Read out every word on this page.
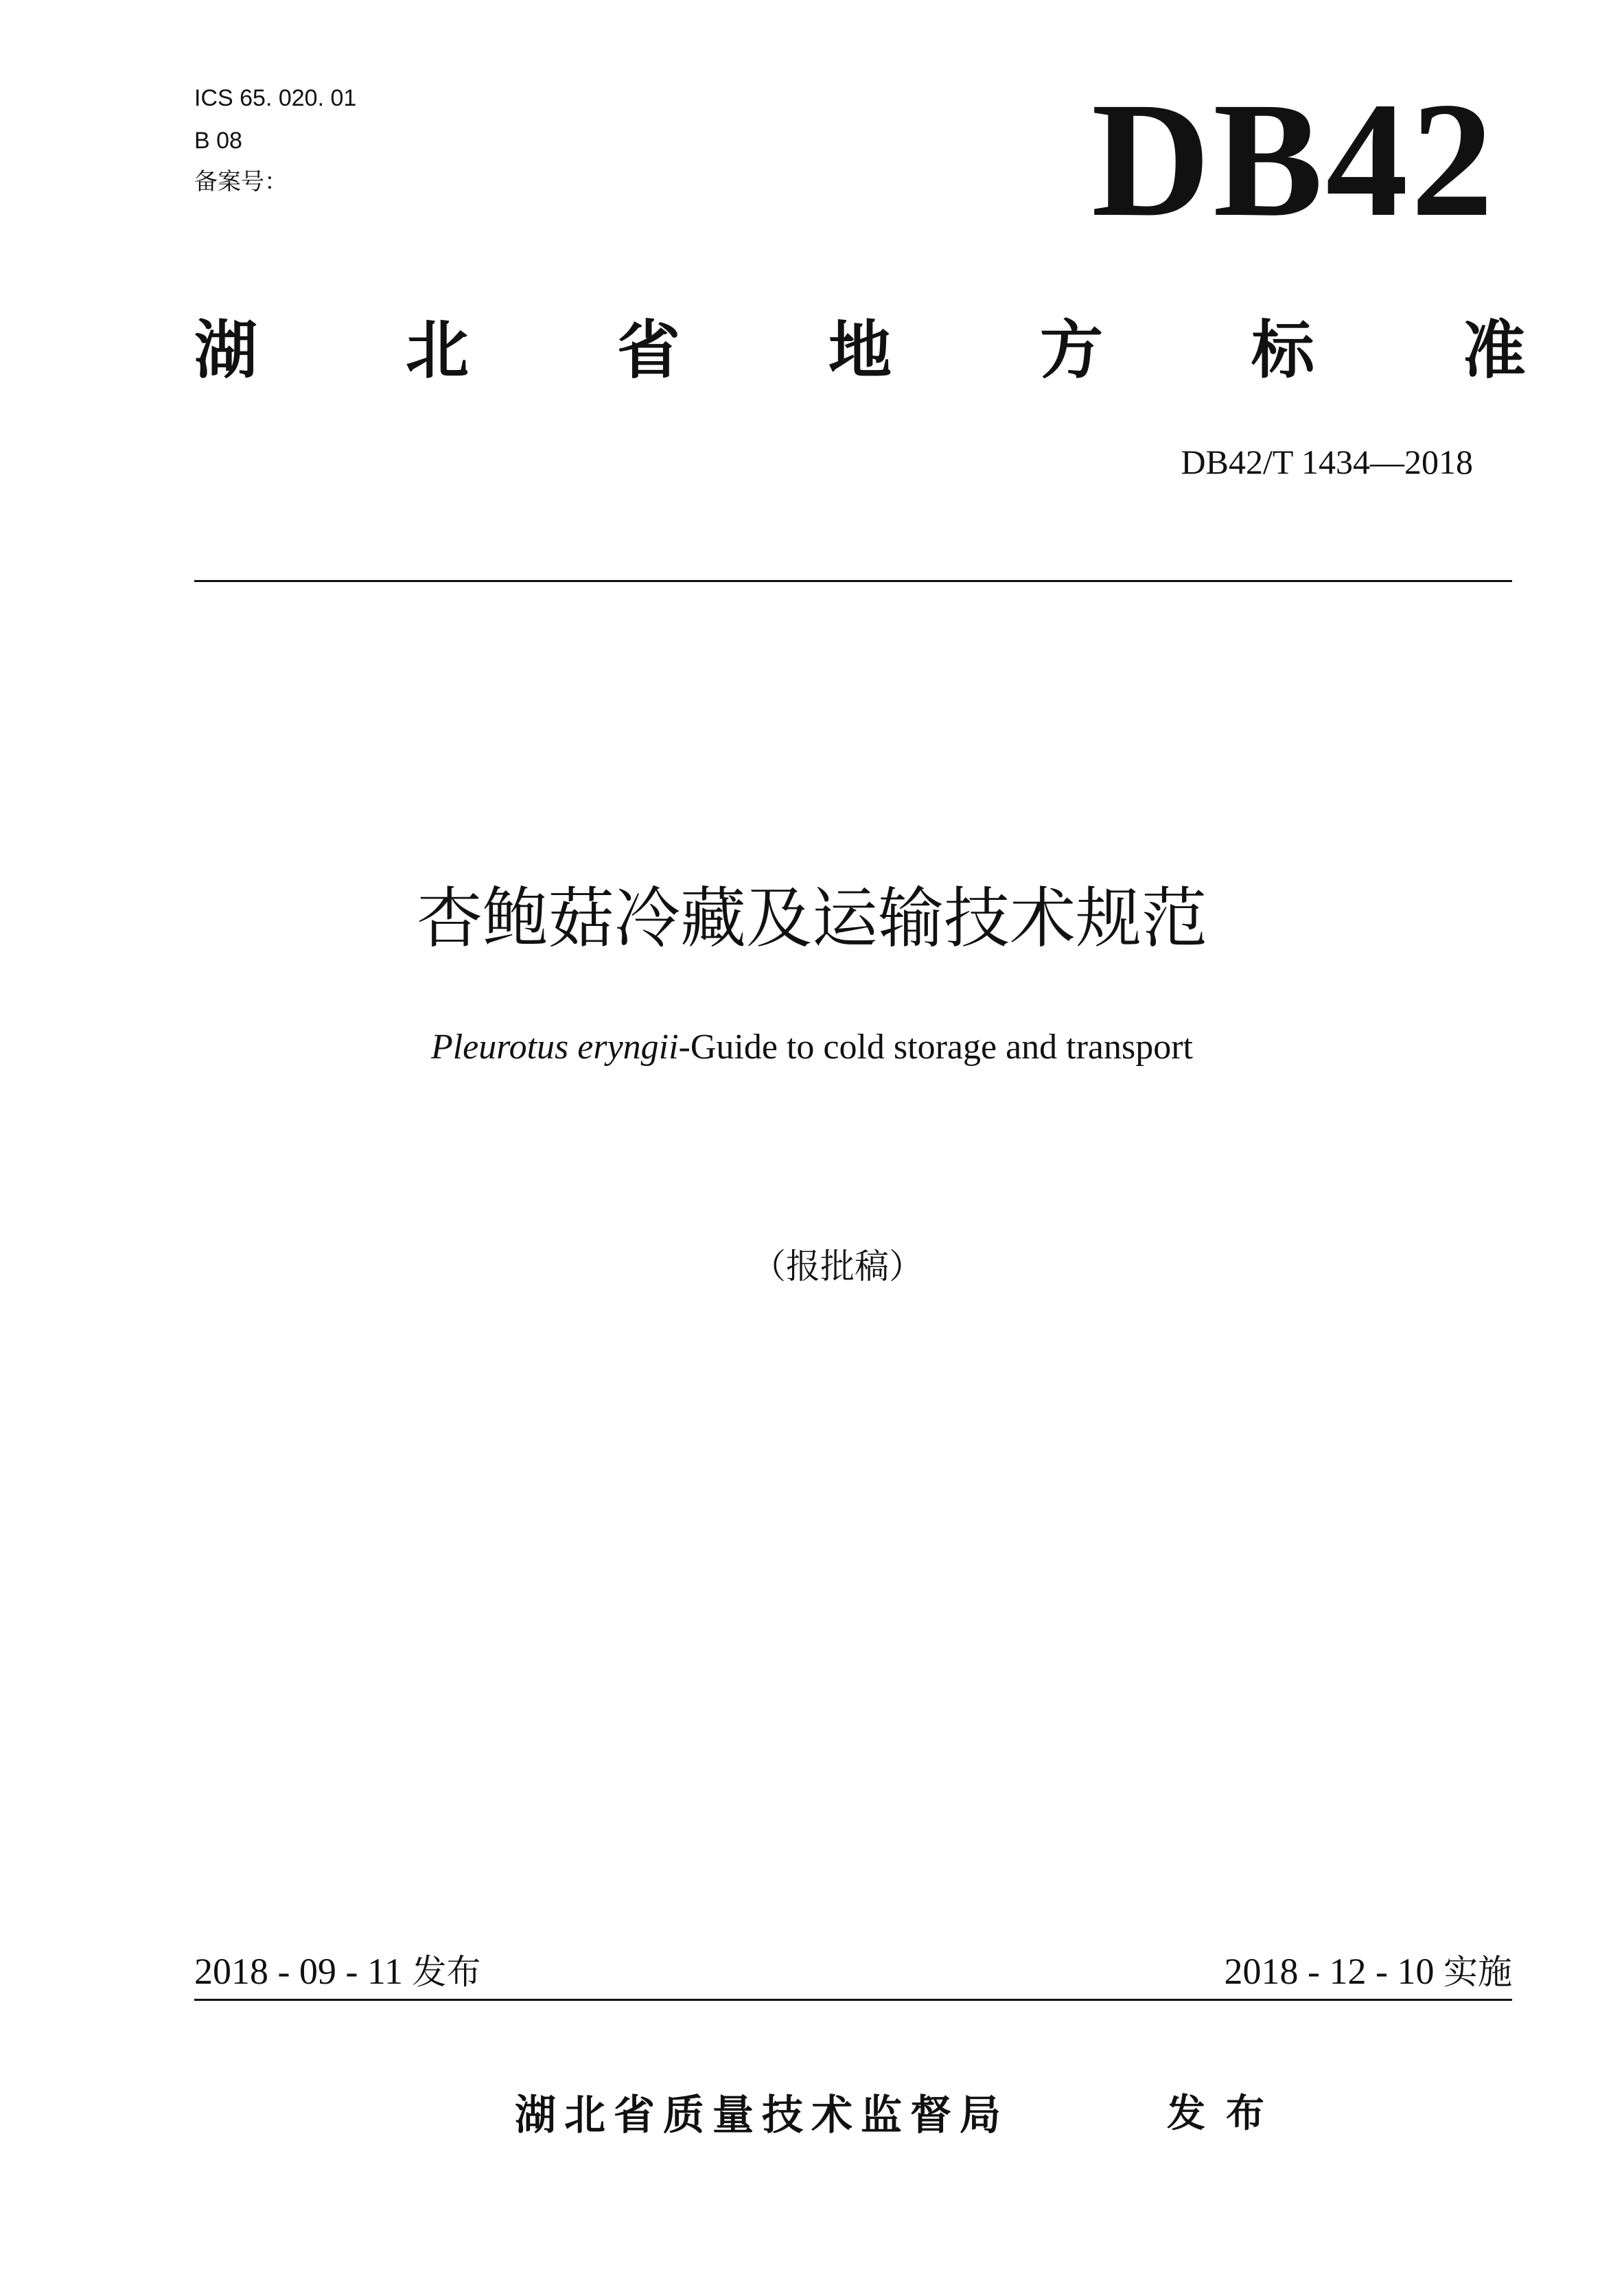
ICS 65. 020. 01
B 08
备案号：	DB42
湖 北 省 地 方 标 准
DB42/T 1434—2018
杏鲍菇冷藏及运输技术规范
Pleurotus eryngii-Guide to cold storage and transport
（报批稿）
2018 - 09 - 11 发布	2018 - 12 - 10 实施
湖北省质量技术监督局	发布
